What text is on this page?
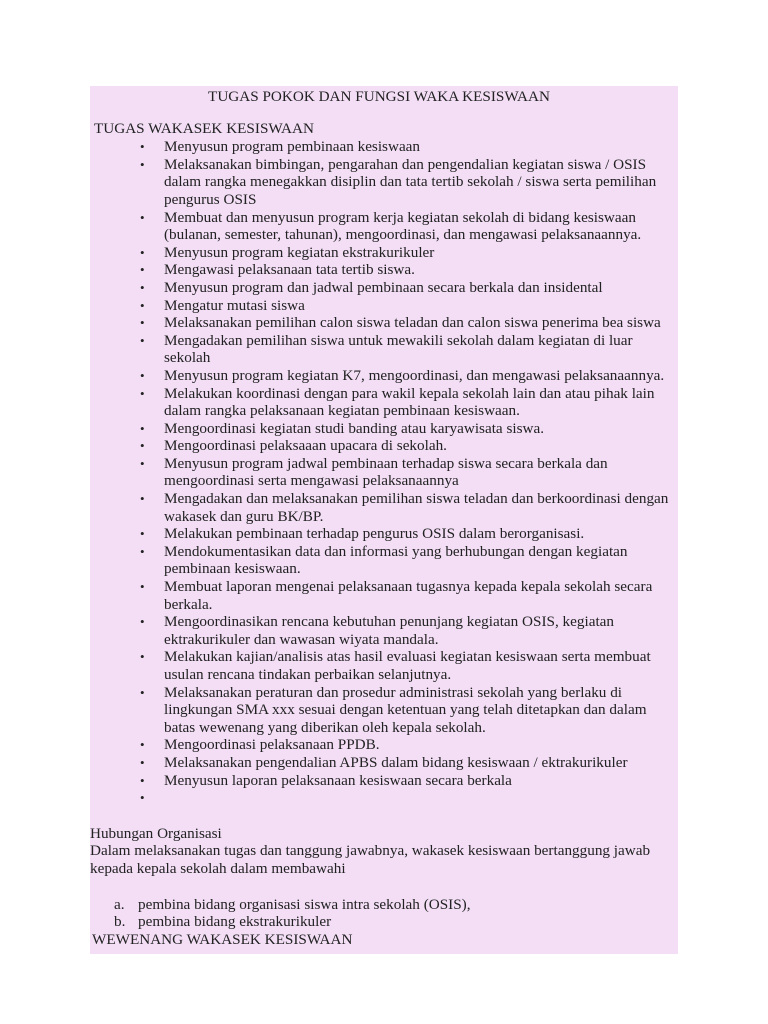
TUGAS POKOK DAN FUNGSI WAKA KESISWAAN
TUGAS WAKASEK KESISWAAN
• Menyusun program pembinaan kesiswaan
• Melaksanakan bimbingan, pengarahan dan pengendalian kegiatan siswa / OSIS dalam rangka menegakkan disiplin dan tata tertib sekolah / siswa serta pemilihan pengurus OSIS
• Membuat dan menyusun program kerja kegiatan sekolah di bidang kesiswaan (bulanan, semester, tahunan), mengoordinasi, dan mengawasi pelaksanaannya.
• Menyusun program kegiatan ekstrakurikuler
• Mengawasi pelaksanaan tata tertib siswa.
• Menyusun program dan jadwal pembinaan secara berkala dan insidental
• Mengatur mutasi siswa
• Melaksanakan pemilihan calon siswa teladan dan calon siswa penerima bea siswa
• Mengadakan pemilihan siswa untuk mewakili sekolah dalam kegiatan di luar sekolah
• Menyusun program kegiatan K7, mengoordinasi, dan mengawasi pelaksanaannya.
• Melakukan koordinasi dengan para wakil kepala sekolah lain dan atau pihak lain dalam rangka pelaksanaan kegiatan pembinaan kesiswaan.
• Mengoordinasi kegiatan studi banding atau karyawisata siswa.
• Mengoordinasi pelaksaaan upacara di sekolah.
• Menyusun program jadwal pembinaan terhadap siswa secara berkala dan mengoordinasi serta mengawasi pelaksanaannya
• Mengadakan dan melaksanakan pemilihan siswa teladan dan berkoordinasi dengan wakasek dan guru BK/BP.
• Melakukan pembinaan terhadap pengurus OSIS dalam berorganisasi.
• Mendokumentasikan data dan informasi yang berhubungan dengan kegiatan pembinaan kesiswaan.
• Membuat laporan mengenai pelaksanaan tugasnya kepada kepala sekolah secara berkala.
• Mengoordinasikan rencana kebutuhan penunjang kegiatan OSIS, kegiatan ektrakurikuler dan wawasan wiyata mandala.
• Melakukan kajian/analisis atas hasil evaluasi kegiatan kesiswaan serta membuat usulan rencana tindakan perbaikan selanjutnya.
• Melaksanakan peraturan dan prosedur administrasi sekolah yang berlaku di lingkungan SMA xxx sesuai dengan ketentuan yang telah ditetapkan dan dalam batas wewenang yang diberikan oleh kepala sekolah.
• Mengoordinasi pelaksanaan PPDB.
• Melaksanakan pengendalian APBS dalam bidang kesiswaan / ektrakurikuler
• Menyusun laporan pelaksanaan kesiswaan secara berkala
•

Hubungan Organisasi
Dalam melaksanakan tugas dan tanggung jawabnya, wakasek kesiswaan bertanggung jawab kepada kepala sekolah dalam membawahi
a. pembina bidang organisasi siswa intra sekolah (OSIS),
b. pembina bidang ekstrakurikuler
WEWENANG WAKASEK KESISWAAN
